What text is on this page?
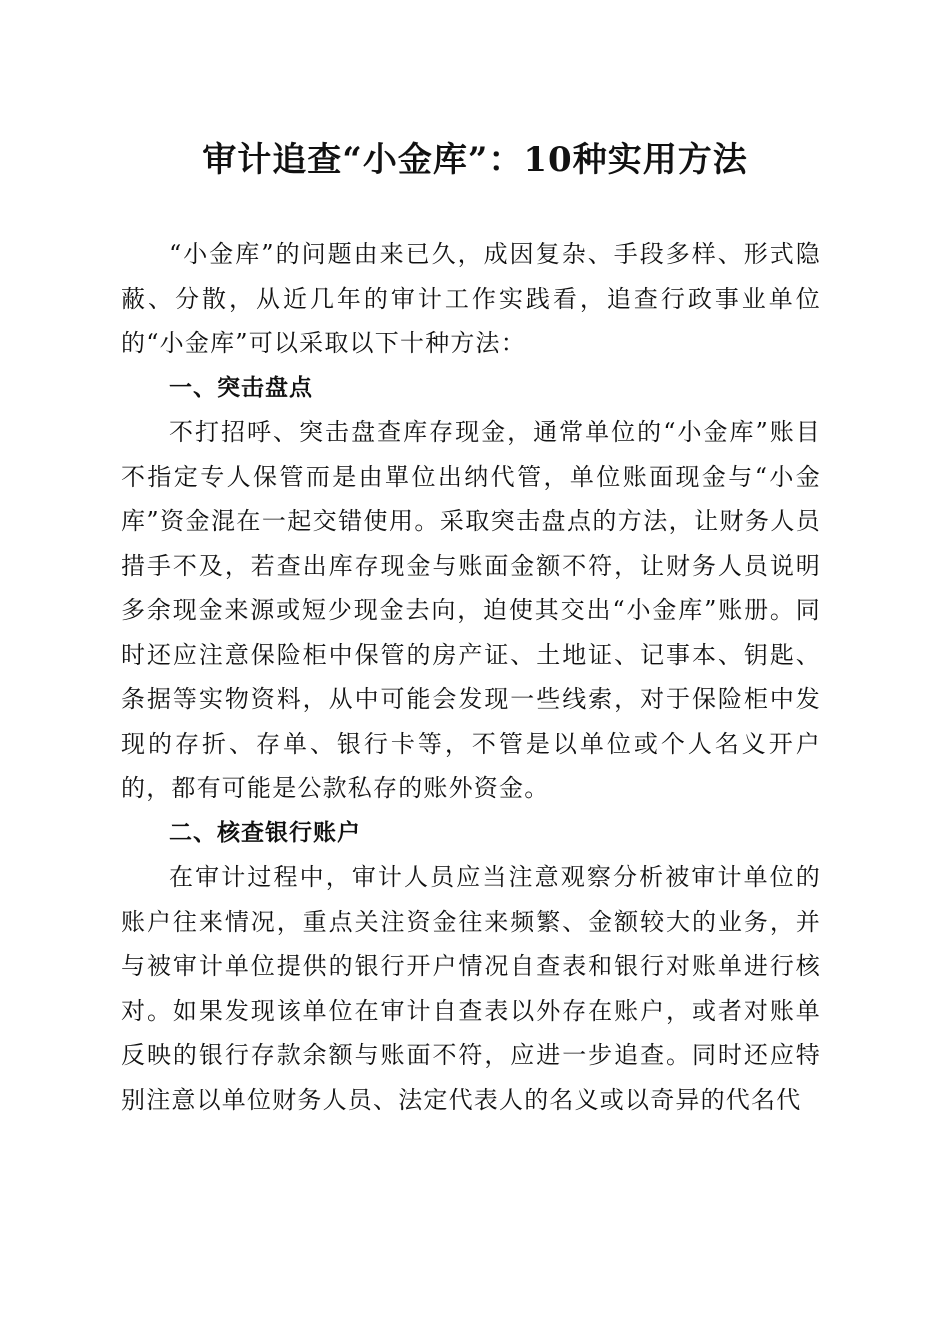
审计追查“小金库”：10种实用方法

“小金库”的问题由来已久，成因复杂、手段多样、形式隐蔽、分散，从近几年的审计工作实践看，追查行政事业单位的“小金库”可以采取以下十种方法：

一、突击盘点

不打招呼、突击盘查库存现金，通常单位的“小金库”账目不指定专人保管而是由單位出纳代管，单位账面现金与“小金库”资金混在一起交错使用。采取突击盘点的方法，让财务人员措手不及，若查出库存现金与账面金额不符，让财务人员说明多余现金来源或短少现金去向，迫使其交出“小金库”账册。同时还应注意保险柜中保管的房产证、土地证、记事本、钥匙、条据等实物资料，从中可能会发现一些线索，对于保险柜中发现的存折、存单、银行卡等，不管是以单位或个人名义开户的，都有可能是公款私存的账外资金。

二、核查银行账户

在审计过程中，审计人员应当注意观察分析被审计单位的账户往来情况，重点关注资金往来频繁、金额较大的业务，并与被审计单位提供的银行开户情况自查表和银行对账单进行核对。如果发现该单位在审计自查表以外存在账户，或者对账单反映的银行存款余额与账面不符，应进一步追查。同时还应特别注意以单位财务人员、法定代表人的名义或以奇异的代名代
